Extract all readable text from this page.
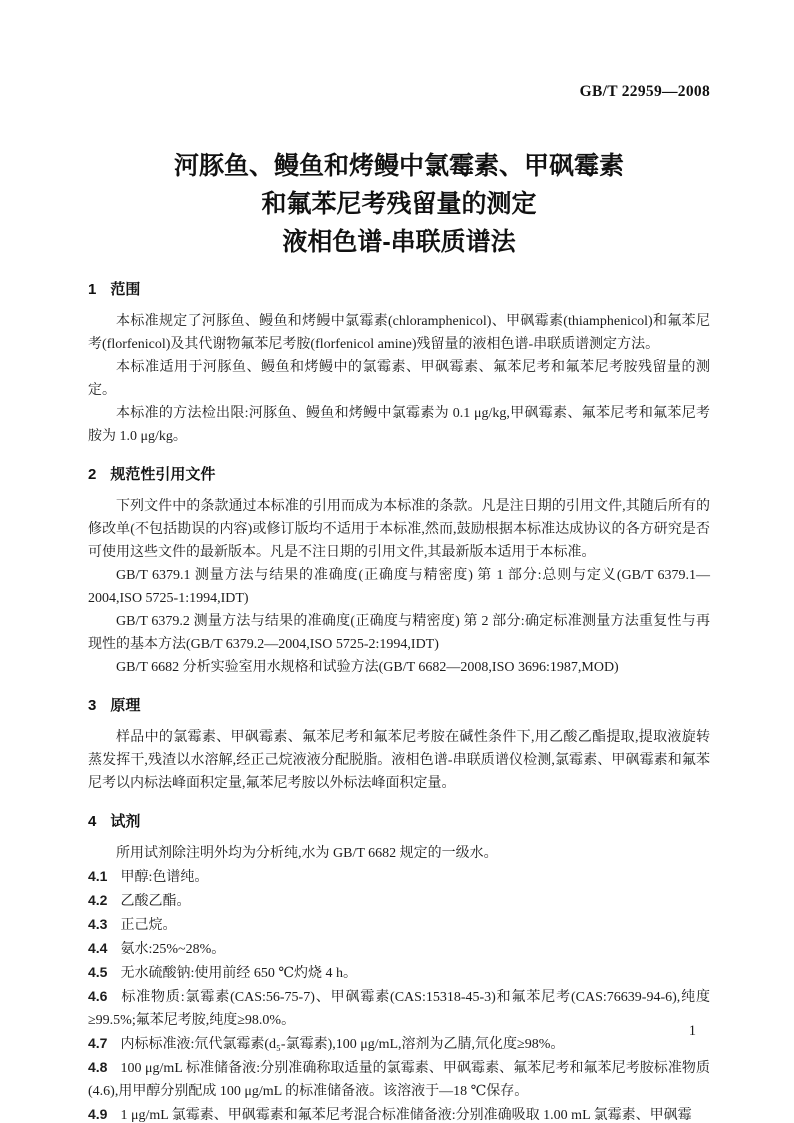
GB/T 22959—2008
河豚鱼、鳗鱼和烤鳗中氯霉素、甲砜霉素
和氟苯尼考残留量的测定
液相色谱-串联质谱法
1 范围

本标准规定了河豚鱼、鳗鱼和烤鳗中氯霉素(chloramphenicol)、甲砜霉素(thiamphenicol)和氟苯尼考(florfenicol)及其代谢物氟苯尼考胺(florfenicol amine)残留量的液相色谱-串联质谱测定方法。

本标准适用于河豚鱼、鳗鱼和烤鳗中的氯霉素、甲砜霉素、氟苯尼考和氟苯尼考胺残留量的测定。

本标准的方法检出限:河豚鱼、鳗鱼和烤鳗中氯霉素为 0.1 μg/kg,甲砜霉素、氟苯尼考和氟苯尼考胺为 1.0 μg/kg。

2 规范性引用文件

下列文件中的条款通过本标准的引用而成为本标准的条款。凡是注日期的引用文件,其随后所有的修改单(不包括勘误的内容)或修订版均不适用于本标准,然而,鼓励根据本标准达成协议的各方研究是否可使用这些文件的最新版本。凡是不注日期的引用文件,其最新版本适用于本标准。

GB/T 6379.1 测量方法与结果的准确度(正确度与精密度) 第 1 部分:总则与定义(GB/T 6379.1—2004,ISO 5725-1:1994,IDT)

GB/T 6379.2 测量方法与结果的准确度(正确度与精密度) 第 2 部分:确定标准测量方法重复性与再现性的基本方法(GB/T 6379.2—2004,ISO 5725-2:1994,IDT)

GB/T 6682 分析实验室用水规格和试验方法(GB/T 6682—2008,ISO 3696:1987,MOD)

3 原理

样品中的氯霉素、甲砜霉素、氟苯尼考和氟苯尼考胺在碱性条件下,用乙酸乙酯提取,提取液旋转蒸发挥干,残渣以水溶解,经正己烷液液分配脱脂。液相色谱-串联质谱仪检测,氯霉素、甲砜霉素和氟苯尼考以内标法峰面积定量,氟苯尼考胺以外标法峰面积定量。

4 试剂

所用试剂除注明外均为分析纯,水为 GB/T 6682 规定的一级水。

4.1 甲醇:色谱纯。

4.2 乙酸乙酯。

4.3 正己烷。

4.4 氨水:25%~28%。

4.5 无水硫酸钠:使用前经 650 ℃灼烧 4 h。

4.6 标准物质:氯霉素(CAS:56-75-7)、甲砜霉素(CAS:15318-45-3)和氟苯尼考(CAS:76639-94-6),纯度≥99.5%;氟苯尼考胺,纯度≥98.0%。

4.7 内标标准液:氘代氯霉素(d₅-氯霉素),100 μg/mL,溶剂为乙腈,氘化度≥98%。

4.8 100 μg/mL 标准储备液:分别准确称取适量的氯霉素、甲砜霉素、氟苯尼考和氟苯尼考胺标准物质(4.6),用甲醇分别配成 100 μg/mL 的标准储备液。该溶液于—18 ℃保存。

4.9 1 μg/mL 氯霉素、甲砜霉素和氟苯尼考混合标准储备液:分别准确吸取 1.00 mL 氯霉素、甲砜霉

1
